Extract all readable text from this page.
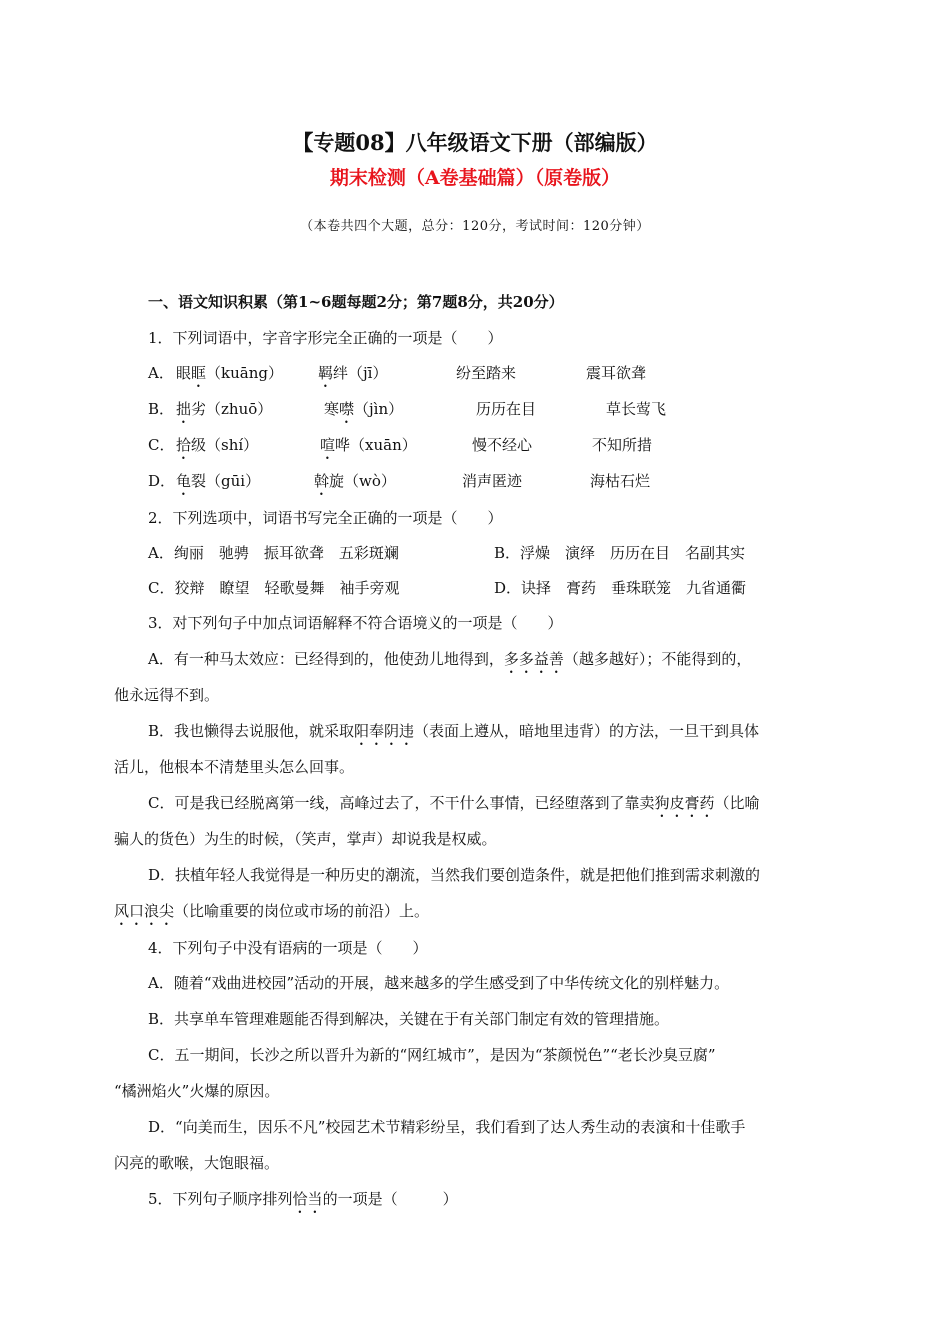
【专题08】八年级语文下册（部编版）
期末检测（A卷基础篇）（原卷版）
（本卷共四个大题，总分：120分，考试时间：120分钟）
一、语文知识积累（第1~6题每题2分；第7题8分，共20分）
1．下列词语中，字音字形完全正确的一项是（　　）
A． 眼眶（kuāng） 羁绊（jī）	纷至踏来	震耳欲聋
B． 拙劣（zhuō）	寒噤（jìn）	历历在目	草长莺飞
C． 拾级（shí）	喧哗（xuān）	慢不经心	不知所措
D． 龟裂（gūi）	斡旋（wò）	消声匿迹	海枯石烂
2．下列选项中，词语书写完全正确的一项是（　　）
A．绚丽　驰骋　振耳欲聋　五彩斑斓	B．浮燥　演绎　历历在目　名副其实
C．狡辩　瞭望　轻歌曼舞　袖手旁观	D．诀择　膏药　垂珠联笼　九省通衢
3．对下列句子中加点词语解释不符合语境义的一项是（　　）
A．有一种马太效应：已经得到的，他使劲儿地得到，多多益善（越多越好）；不能得到的，
他永远得不到。
B．我也懒得去说服他，就采取阳奉阴违（表面上遵从，暗地里违背）的方法，一旦干到具体
活儿，他根本不清楚里头怎么回事。
C．可是我已经脱离第一线，高峰过去了，不干什么事情，已经堕落到了靠卖狗皮膏药（比喻
骗人的货色）为生的时候，（笑声，掌声）却说我是权威。
D．扶植年轻人我觉得是一种历史的潮流，当然我们要创造条件，就是把他们推到需求刺激的
风口浪尖（比喻重要的岗位或市场的前沿）上。
4．下列句子中没有语病的一项是（　　）
A．随着“戏曲进校园”活动的开展，越来越多的学生感受到了中华传统文化的别样魅力。
B．共享单车管理难题能否得到解决，关键在于有关部门制定有效的管理措施。
C．五一期间，长沙之所以晋升为新的“网红城市”，是因为“茶颜悦色”“老长沙臭豆腐”
“橘洲焰火”火爆的原因。
D．“向美而生，因乐不凡”校园艺术节精彩纷呈，我们看到了达人秀生动的表演和十佳歌手
闪亮的歌喉，大饱眼福。
5．下列句子顺序排列恰当的一项是（　　　）
